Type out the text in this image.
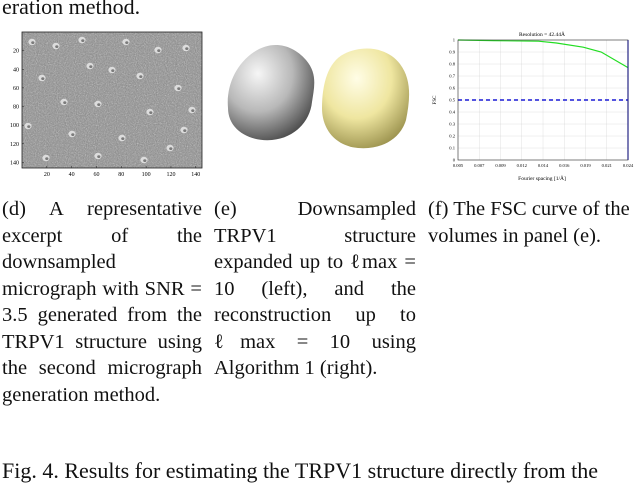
eration method.
20
40
60
80
100
120
140
20	40	60	80	100	120	140
(d) A representative excerpt of the downsampled micrograph with SNR = 3.5 generated from the TRPV1 structure using the second micrograph generation method.
(e) Downsampled TRPV1 structure expanded up to ℓmax = 10 (left), and the reconstruction up to ℓmax = 10 using Algorithm 1 (right).
Resolution = 42.44Å
FSC
Fourier spacing [1/Å]
0.005 0.007 0.009 0.012 0.014 0.016 0.019 0.021 0.024
0
0.1
0.2
0.3
0.4
0.5
0.6
0.7
0.8
0.9
1
(f) The FSC curve of the volumes in panel (e).
Fig. 4. Results for estimating the TRPV1 structure directly from the
